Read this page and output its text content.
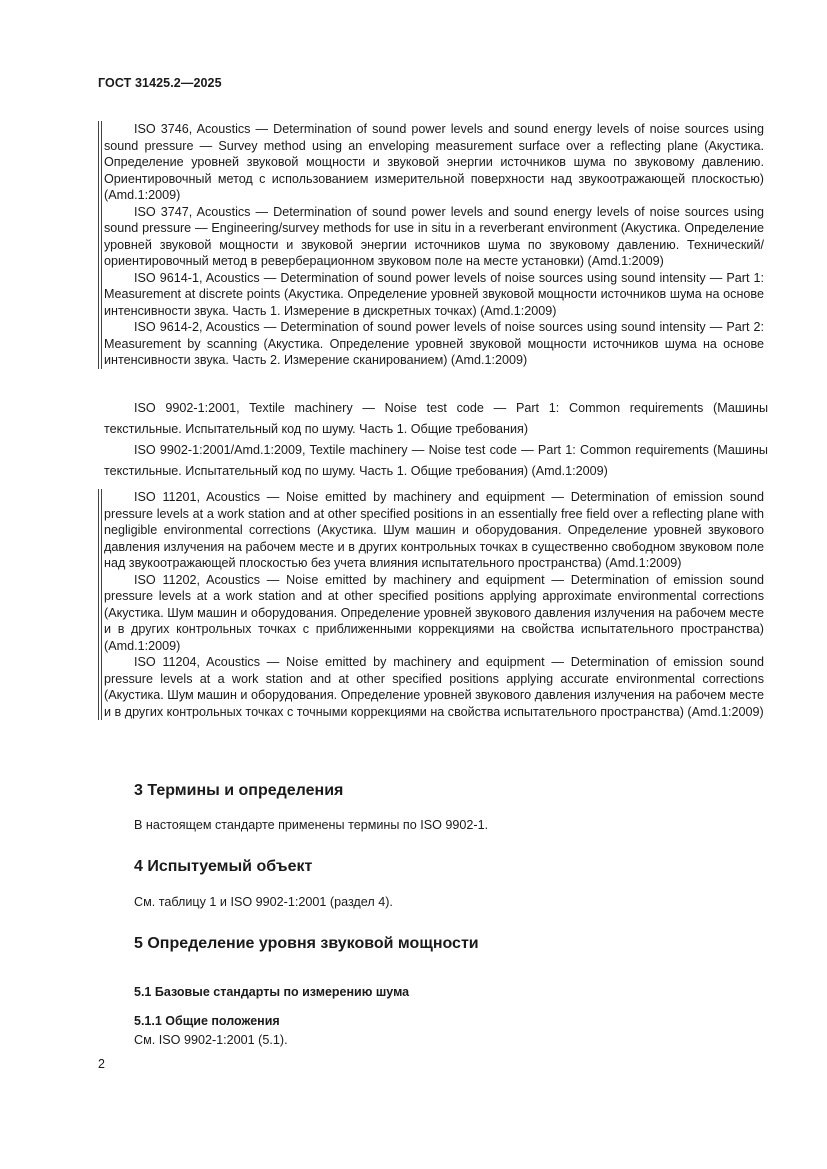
ГОСТ 31425.2—2025

ISO 3746, Acoustics — Determination of sound power levels and sound energy levels of noise sources using sound pressure — Survey method using an enveloping measurement surface over a reflecting plane (Акустика. Определение уровней звуковой мощности и звуковой энергии источников шума по звуковому давлению. Ориентировочный метод с использованием измерительной поверхности над звукоотражающей плоскостью) (Amd.1:2009)

ISO 3747, Acoustics — Determination of sound power levels and sound energy levels of noise sources using sound pressure — Engineering/survey methods for use in situ in a reverberant environment (Акустика. Определение уровней звуковой мощности и звуковой энергии источников шума по звуковому давлению. Технический/ориентировочный метод в реверберационном звуковом поле на месте установки) (Amd.1:2009)

ISO 9614-1, Acoustics — Determination of sound power levels of noise sources using sound intensity — Part 1: Measurement at discrete points (Акустика. Определение уровней звуковой мощности источников шума на основе интенсивности звука. Часть 1. Измерение в дискретных точках) (Amd.1:2009)

ISO 9614-2, Acoustics — Determination of sound power levels of noise sources using sound intensity — Part 2: Measurement by scanning (Акустика. Определение уровней звуковой мощности источников шума на основе интенсивности звука. Часть 2. Измерение сканированием) (Amd.1:2009)

ISO 9902-1:2001, Textile machinery — Noise test code — Part 1: Common requirements (Машины текстильные. Испытательный код по шуму. Часть 1. Общие требования)

ISO 9902-1:2001/Amd.1:2009, Textile machinery — Noise test code — Part 1: Common requirements (Машины текстильные. Испытательный код по шуму. Часть 1. Общие требования) (Amd.1:2009)

ISO 11201, Acoustics — Noise emitted by machinery and equipment — Determination of emission sound pressure levels at a work station and at other specified positions in an essentially free field over a reflecting plane with negligible environmental corrections (Акустика. Шум машин и оборудования. Определение уровней звукового давления излучения на рабочем месте и в других контрольных точках в существенно свободном звуковом поле над звукоотражающей плоскостью без учета влияния испытательного пространства) (Amd.1:2009)

ISO 11202, Acoustics — Noise emitted by machinery and equipment — Determination of emission sound pressure levels at a work station and at other specified positions applying approximate environmental corrections (Акустика. Шум машин и оборудования. Определение уровней звукового давления излучения на рабочем месте и в других контрольных точках с приближенными коррекциями на свойства испытательного пространства) (Amd.1:2009)

ISO 11204, Acoustics — Noise emitted by machinery and equipment — Determination of emission sound pressure levels at a work station and at other specified positions applying accurate environmental corrections (Акустика. Шум машин и оборудования. Определение уровней звукового давления излучения на рабочем месте и в других контрольных точках с точными коррекциями на свойства испытательного пространства) (Amd.1:2009)

3 Термины и определения

В настоящем стандарте применены термины по ISO 9902-1.

4 Испытуемый объект

См. таблицу 1 и ISO 9902-1:2001 (раздел 4).

5 Определение уровня звуковой мощности
5.1 Базовые стандарты по измерению шума
5.1.1 Общие положения

См. ISO 9902-1:2001 (5.1).

2
